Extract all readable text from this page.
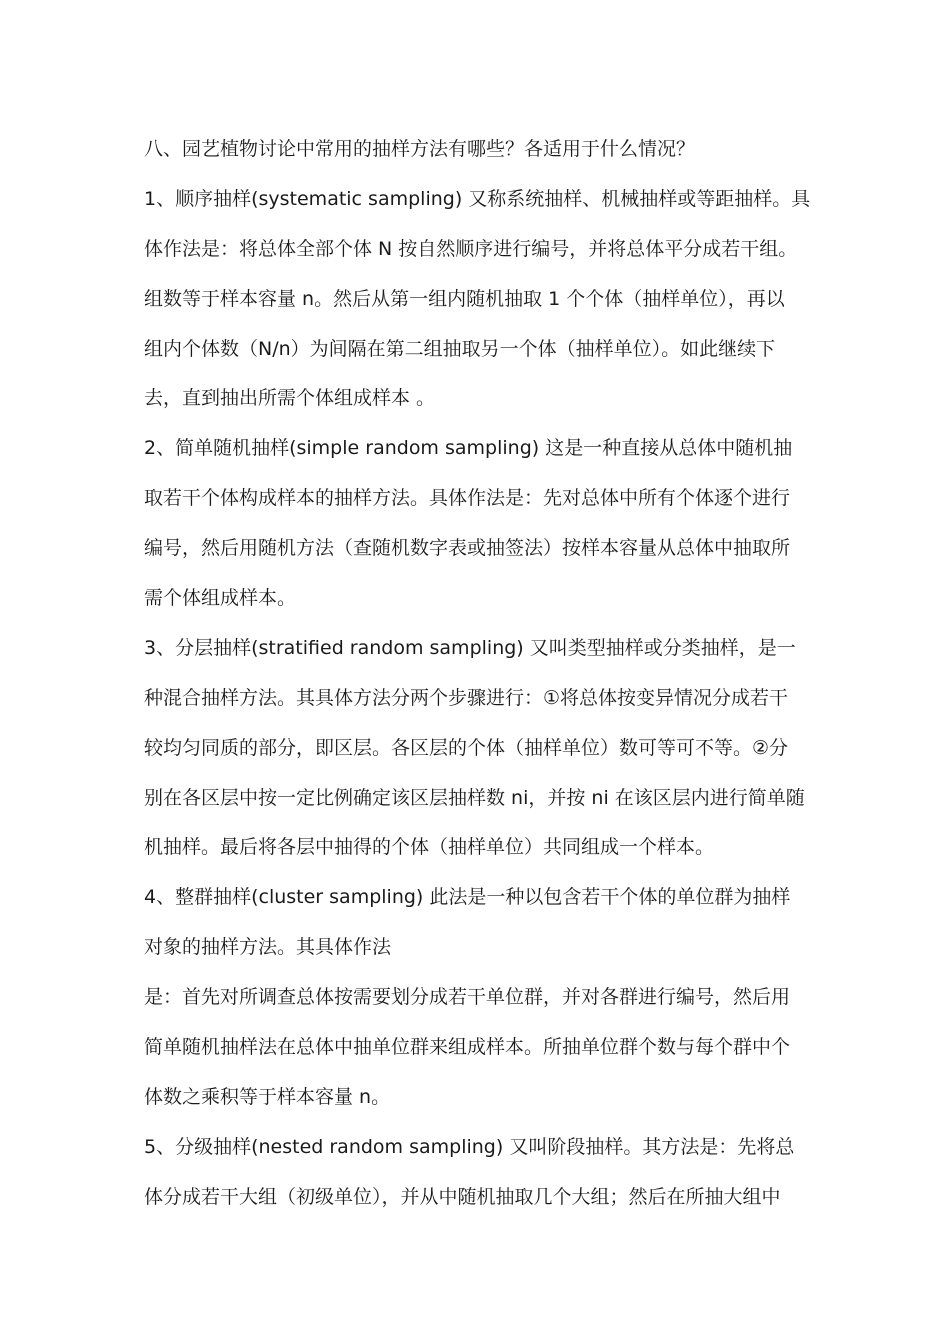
八、园艺植物讨论中常用的抽样方法有哪些？各适用于什么情况？
1、顺序抽样(systematic sampling) 又称系统抽样、机械抽样或等距抽样。具
体作法是：将总体全部个体 N 按自然顺序进行编号，并将总体平分成若干组。
组数等于样本容量 n。然后从第一组内随机抽取 1 个个体（抽样单位），再以
组内个体数（N/n）为间隔在第二组抽取另一个体（抽样单位）。如此继续下
去，直到抽出所需个体组成样本 。
2、简单随机抽样(simple random sampling) 这是一种直接从总体中随机抽
取若干个体构成样本的抽样方法。具体作法是：先对总体中所有个体逐个进行
编号，然后用随机方法（查随机数字表或抽签法）按样本容量从总体中抽取所
需个体组成样本。
3、分层抽样(stratified random sampling) 又叫类型抽样或分类抽样，是一
种混合抽样方法。其具体方法分两个步骤进行：①将总体按变异情况分成若干
较均匀同质的部分，即区层。各区层的个体（抽样单位）数可等可不等。②分
别在各区层中按一定比例确定该区层抽样数 ni，并按 ni 在该区层内进行简单随
机抽样。最后将各层中抽得的个体（抽样单位）共同组成一个样本。
4、整群抽样(cluster sampling) 此法是一种以包含若干个体的单位群为抽样
对象的抽样方法。其具体作法
是：首先对所调查总体按需要划分成若干单位群，并对各群进行编号，然后用
简单随机抽样法在总体中抽单位群来组成样本。所抽单位群个数与每个群中个
体数之乘积等于样本容量 n。
5、分级抽样(nested random sampling) 又叫阶段抽样。其方法是：先将总
体分成若干大组（初级单位），并从中随机抽取几个大组；然后在所抽大组中
